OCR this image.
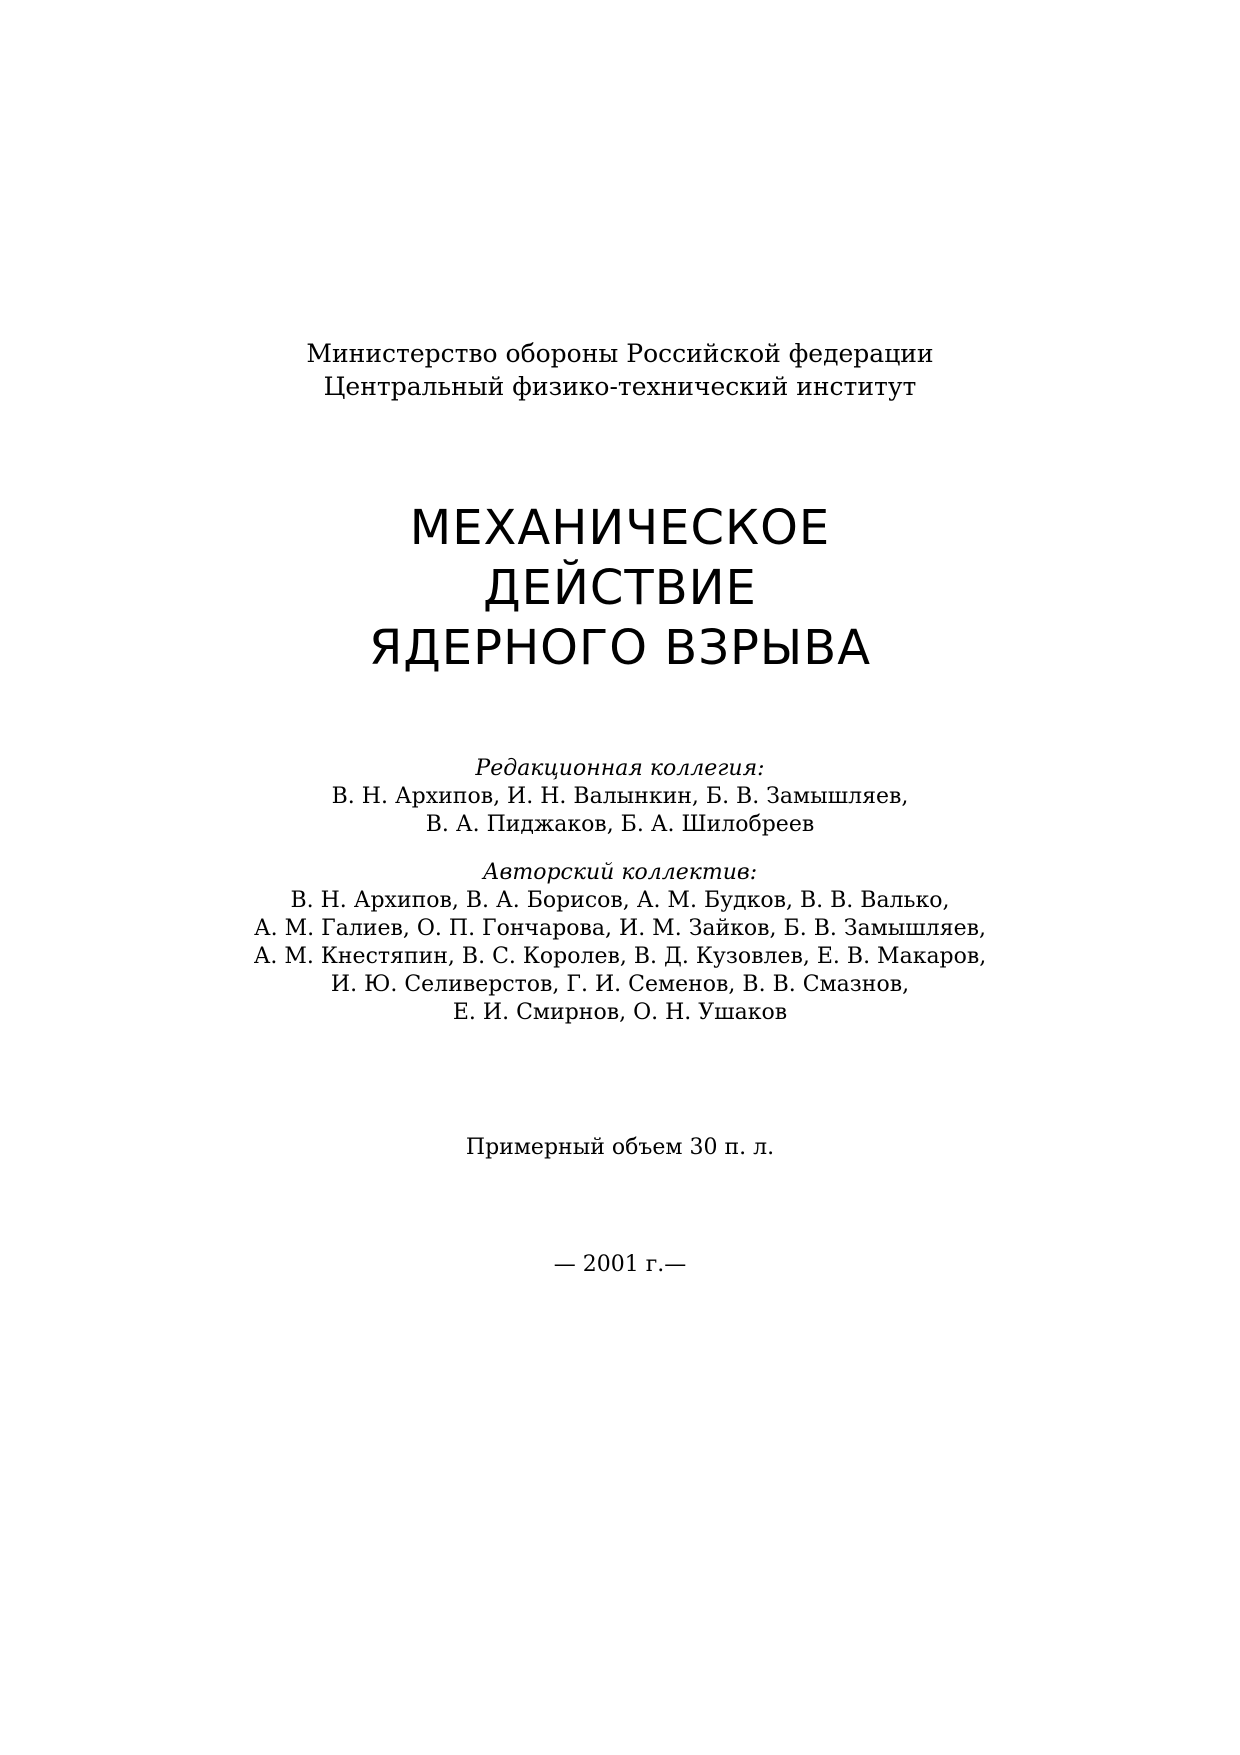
Министерство обороны Российской федерации
Центральный физико-технический институт
МЕХАНИЧЕСКОЕ
ДЕЙСТВИЕ
ЯДЕРНОГО ВЗРЫВА
Редакционная коллегия:
В. Н. Архипов, И. Н. Валынкин, Б. В. Замышляев,
В. А. Пиджаков, Б. А. Шилобреев
Авторский коллектив:
В. Н. Архипов, В. А. Борисов, А. М. Будков, В. В. Валько,
А. М. Галиев, О. П. Гончарова, И. М. Зайков, Б. В. Замышляев,
А. М. Кнестяпин, В. С. Королев, В. Д. Кузовлев, Е. В. Макаров,
И. Ю. Селиверстов, Г. И. Семенов, В. В. Смазнов,
Е. И. Смирнов, О. Н. Ушаков
Примерный объем 30 п. л.
— 2001 г.—
